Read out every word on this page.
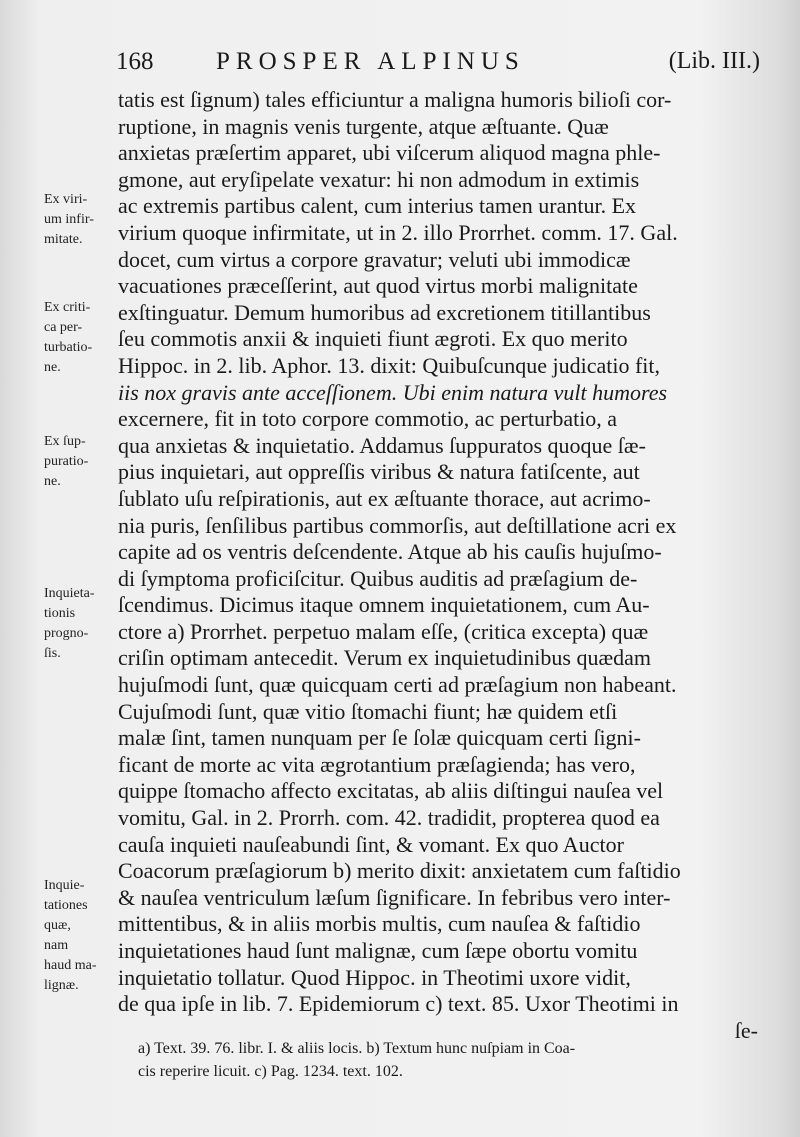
168	PROSPER ALPINUS	(Lib. III.)
tatis est ſignum) tales efficiuntur a maligna humoris bilioſi cor-
ruptione, in magnis venis turgente, atque æſtuante. Quæ
anxietas præſertim apparet, ubi viſcerum aliquod magna phle-
gmone, aut eryſipelate vexatur: hi non admodum in extimis
ac extremis partibus calent, cum interius tamen urantur. Ex
virium quoque infirmitate, ut in 2. illo Prorrhet. comm. 17. Gal.
docet, cum virtus a corpore gravatur; veluti ubi immodicæ
vacuationes præceſſerint, aut quod virtus morbi malignitate
exſtinguatur. Demum humoribus ad excretionem titillantibus
ſeu commotis anxii & inquieti fiunt ægroti. Ex quo merito
Hippoc. in 2. lib. Aphor. 13. dixit: Quibuſcunque judicatio fit,
iis nox gravis ante acceſſionem. Ubi enim natura vult humores
excernere, fit in toto corpore commotio, ac perturbatio, a
qua anxietas & inquietatio. Addamus ſuppuratos quoque ſæ-
pius inquietari, aut oppreſſis viribus & natura fatiſcente, aut
ſublato uſu reſpirationis, aut ex æſtuante thorace, aut acrimo-
nia puris, ſenſilibus partibus commorſis, aut deſtillatione acri ex
capite ad os ventris deſcendente. Atque ab his cauſis hujuſmo-
di ſymptoma proficiſcitur. Quibus auditis ad præſagium de-
ſcendimus. Dicimus itaque omnem inquietationem, cum Au-
ctore a) Prorrhet. perpetuo malam eſſe, (critica excepta) quæ
criſin optimam antecedit. Verum ex inquietudinibus quædam
hujuſmodi ſunt, quæ quicquam certi ad præſagium non habeant.
Cujuſmodi ſunt, quæ vitio ſtomachi fiunt; hæ quidem etſi
malæ ſint, tamen nunquam per ſe ſolæ quicquam certi ſigni-
ficant de morte ac vita ægrotantium præſagienda; has vero,
quippe ſtomacho affecto excitatas, ab aliis diſtingui nauſea vel
vomitu, Gal. in 2. Prorrh. com. 42. tradidit, propterea quod ea
cauſa inquieti nauſeabundi ſint, & vomant. Ex quo Auctor
Coacorum præſagiorum b) merito dixit: anxietatem cum faſtidio
& nauſea ventriculum læſum ſignificare. In febribus vero inter-
mittentibus, & in aliis morbis multis, cum nauſea & faſtidio
inquietationes haud ſunt malignæ, cum ſæpe obortu vomitu
inquietatio tollatur. Quod Hippoc. in Theotimi uxore vidit,
de qua ipſe in lib. 7. Epidemiorum c) text. 85. Uxor Theotimi in
ſe-
Ex viri-
um infir-
mitate.
Ex criti-
ca per-
turbatio-
ne.
Ex ſup-
puratio-
ne.
Inquieta-
tionis
progno-
ſis.
Inquie-
tationes
quæ,
nam
haud ma-
lignæ.
a) Text. 39. 76. libr. I. & aliis locis. b) Textum hunc nuſpiam in Coa-
cis reperire licuit. c) Pag. 1234. text. 102.
